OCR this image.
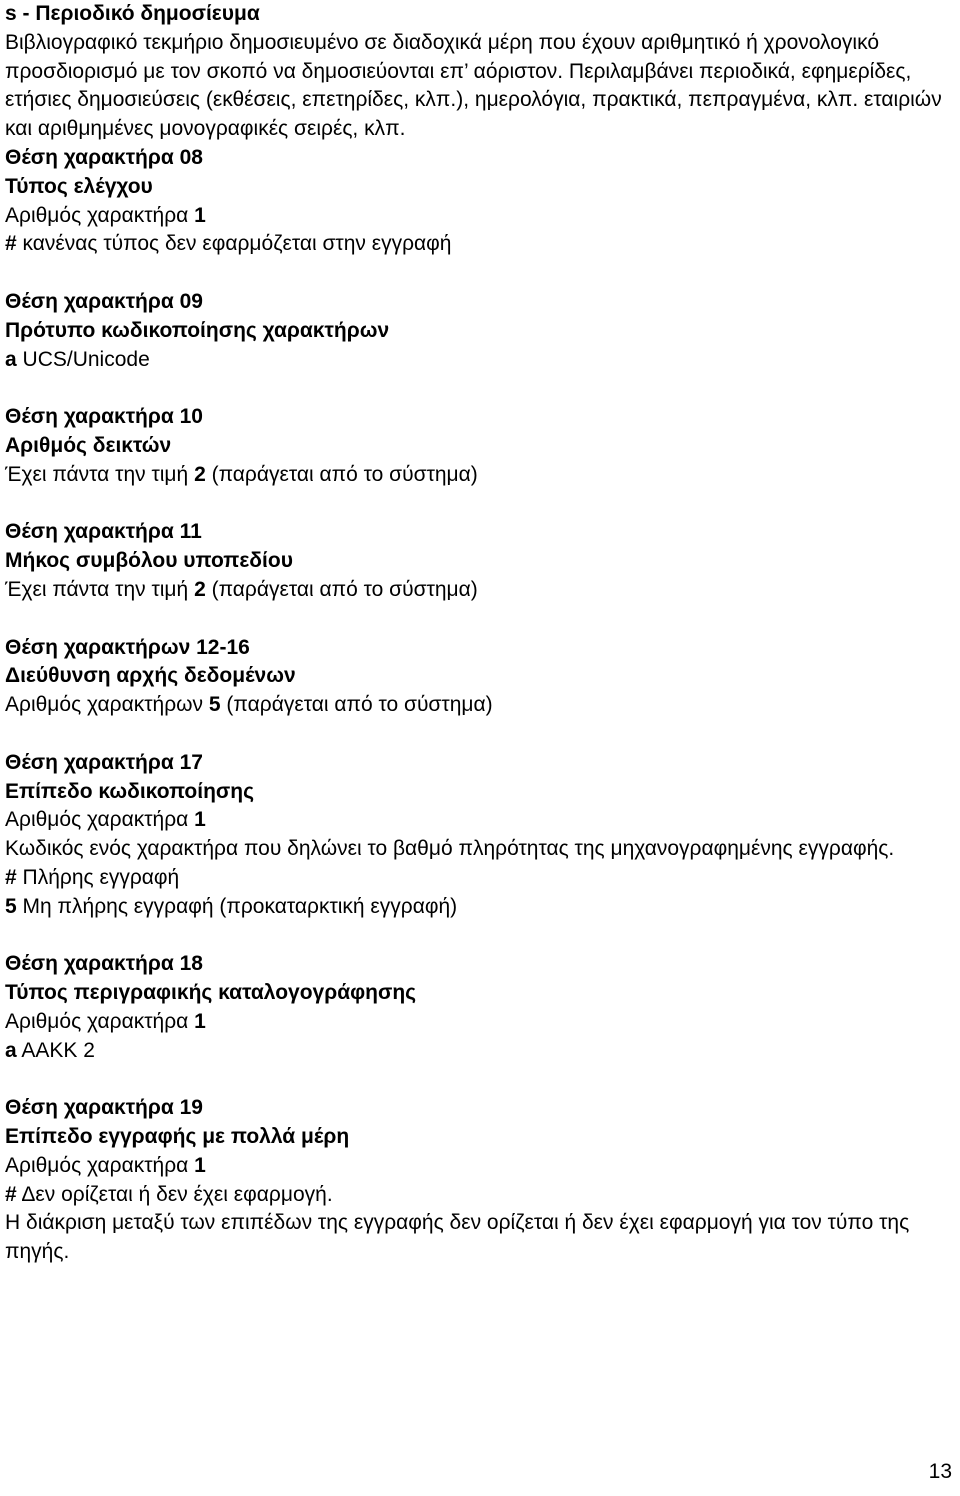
s - Περιοδικό δημοσίευμα

Βιβλιογραφικό τεκμήριο δημοσιευμένο σε διαδοχικά μέρη που έχουν αριθμητικό ή χρονολογικό προσδιορισμό με τον σκοπό να δημοσιεύονται επ’ αόριστον. Περιλαμβάνει περιοδικά, εφημερίδες, ετήσιες δημοσιεύσεις (εκθέσεις, επετηρίδες, κλπ.), ημερολόγια, πρακτικά, πεπραγμένα, κλπ. εταιριών και αριθμημένες μονογραφικές σειρές, κλπ.

Θέση χαρακτήρα 08

Τύπος ελέγχου

Αριθμός χαρακτήρα 1

# κανένας τύπος δεν εφαρμόζεται στην εγγραφή

Θέση χαρακτήρα 09

Πρότυπο κωδικοποίησης χαρακτήρων

a UCS/Unicode

Θέση χαρακτήρα 10

Αριθμός δεικτών

Έχει πάντα την τιμή 2 (παράγεται από το σύστημα)

Θέση χαρακτήρα 11

Μήκος συμβόλου υποπεδίου

Έχει πάντα την τιμή 2 (παράγεται από το σύστημα)

Θέση χαρακτήρων 12-16

Διεύθυνση αρχής δεδομένων

Αριθμός χαρακτήρων 5 (παράγεται από το σύστημα)

Θέση χαρακτήρα 17

Επίπεδο κωδικοποίησης

Αριθμός χαρακτήρα 1

Κωδικός ενός χαρακτήρα που δηλώνει το βαθμό πληρότητας της μηχανογραφημένης εγγραφής.

# Πλήρης εγγραφή

5 Μη πλήρης εγγραφή (προκαταρκτική εγγραφή)

Θέση χαρακτήρα 18

Τύπος περιγραφικής καταλογογράφησης

Αριθμός χαρακτήρα 1

a AAKK 2

Θέση χαρακτήρα 19

Επίπεδο εγγραφής με πολλά μέρη

Αριθμός χαρακτήρα 1

# Δεν ορίζεται ή δεν έχει εφαρμογή.

Η διάκριση μεταξύ των επιπέδων της εγγραφής δεν ορίζεται ή δεν έχει εφαρμογή για τον τύπο της πηγής.

13
